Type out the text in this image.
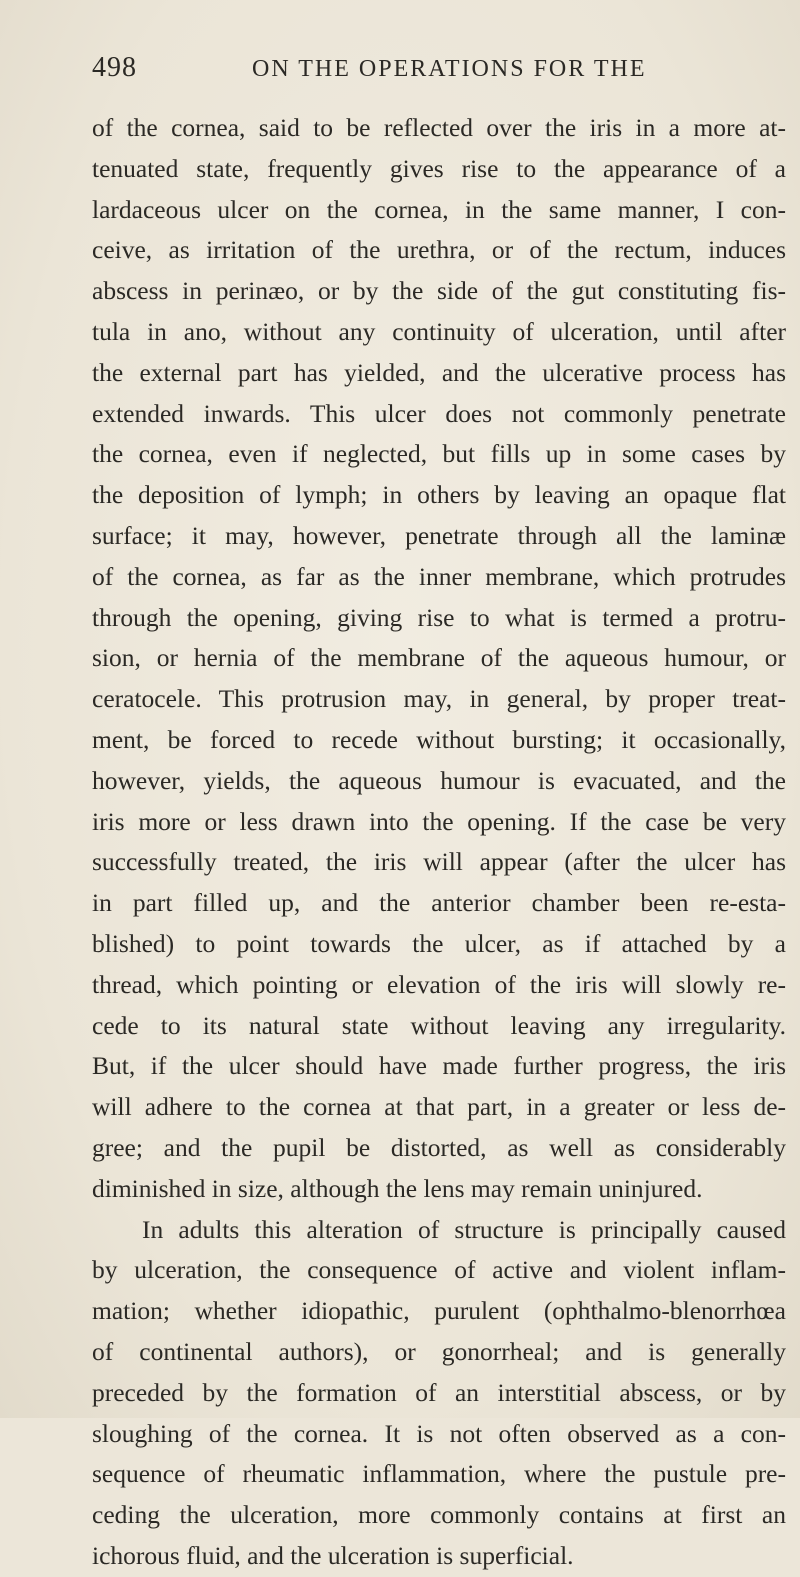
498	ON THE OPERATIONS FOR THE
of the cornea, said to be reflected over the iris in a more at-
tenuated state, frequently gives rise to the appearance of a
lardaceous ulcer on the cornea, in the same manner, I con-
ceive, as irritation of the urethra, or of the rectum, induces
abscess in perinæo, or by the side of the gut constituting fis-
tula in ano, without any continuity of ulceration, until after
the external part has yielded, and the ulcerative process has
extended inwards. This ulcer does not commonly penetrate
the cornea, even if neglected, but fills up in some cases by
the deposition of lymph; in others by leaving an opaque flat
surface; it may, however, penetrate through all the laminæ
of the cornea, as far as the inner membrane, which protrudes
through the opening, giving rise to what is termed a protru-
sion, or hernia of the membrane of the aqueous humour, or
ceratocele. This protrusion may, in general, by proper treat-
ment, be forced to recede without bursting; it occasionally,
however, yields, the aqueous humour is evacuated, and the
iris more or less drawn into the opening. If the case be very
successfully treated, the iris will appear (after the ulcer has
in part filled up, and the anterior chamber been re-esta-
blished) to point towards the ulcer, as if attached by a
thread, which pointing or elevation of the iris will slowly re-
cede to its natural state without leaving any irregularity.
But, if the ulcer should have made further progress, the iris
will adhere to the cornea at that part, in a greater or less de-
gree; and the pupil be distorted, as well as considerably
diminished in size, although the lens may remain uninjured.
In adults this alteration of structure is principally caused
by ulceration, the consequence of active and violent inflam-
mation; whether idiopathic, purulent (ophthalmo-blenorrhœa
of continental authors), or gonorrheal; and is generally
preceded by the formation of an interstitial abscess, or by
sloughing of the cornea. It is not often observed as a con-
sequence of rheumatic inflammation, where the pustule pre-
ceding the ulceration, more commonly contains at first an
ichorous fluid, and the ulceration is superficial.
